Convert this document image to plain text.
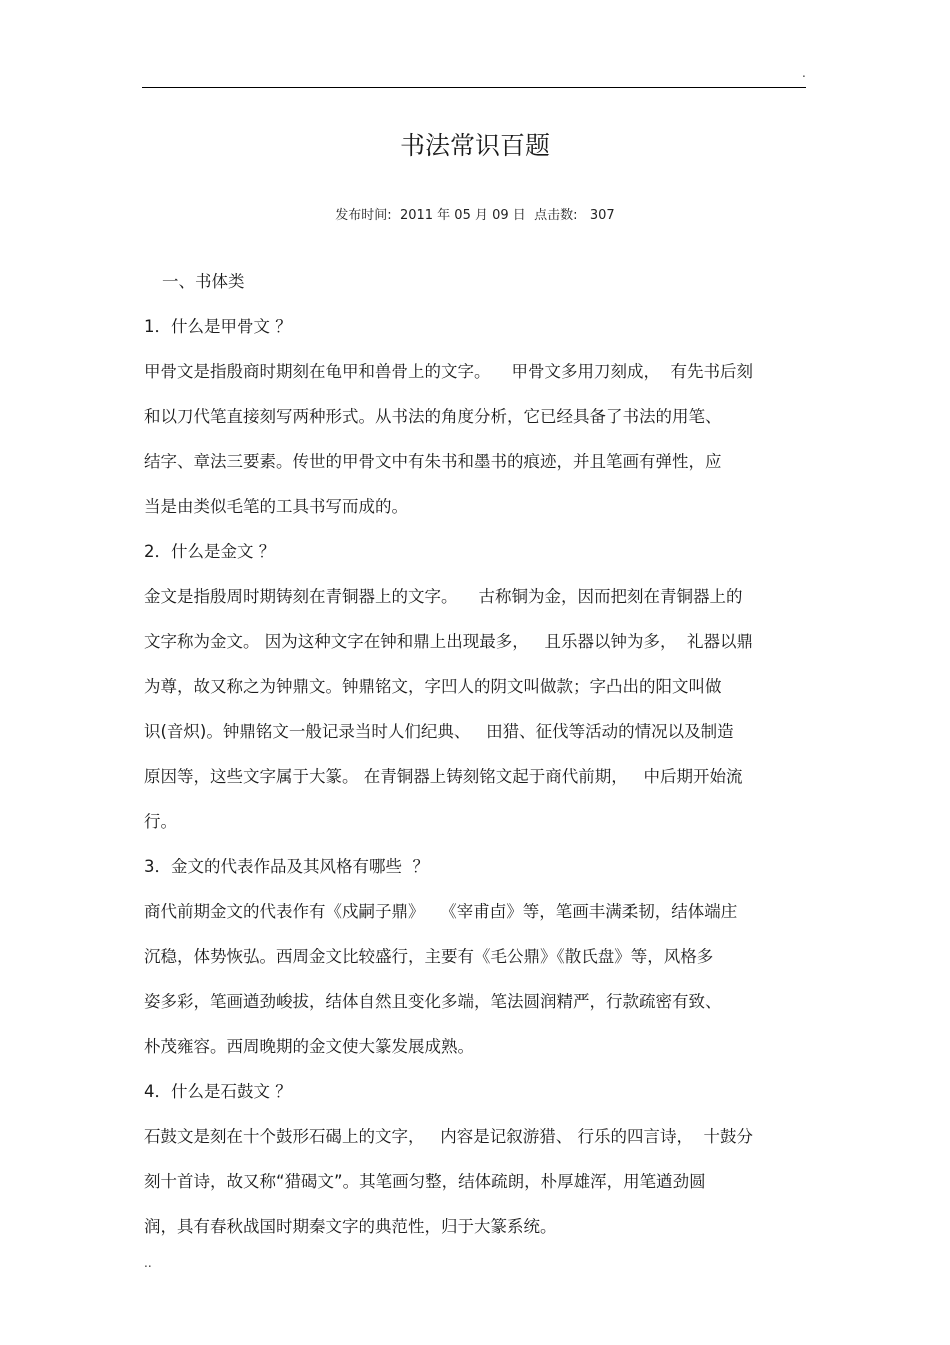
.
书法常识百题
发布时间: 2011 年 05 月 09 日 点击数: 307
一、书体类
1．什么是甲骨文 ？
甲骨文是指殷商时期刻在龟甲和兽骨上的文字。    甲骨文多用刀刻成，  有先书后刻
和以刀代笔直接刻写两种形式。从书法的角度分析，它已经具备了书法的用笔、
结字、章法三要素。传世的甲骨文中有朱书和墨书的痕迹，并且笔画有弹性，应
当是由类似毛笔的工具书写而成的。
2．什么是金文 ？
金文是指殷周时期铸刻在青铜器上的文字。    古称铜为金，因而把刻在青铜器上的
文字称为金文。 因为这种文字在钟和鼎上出现最多，   且乐器以钟为多，  礼器以鼎
为尊，故又称之为钟鼎文。钟鼎铭文，字凹人的阴文叫做款；字凸出的阳文叫做
识(音炽)。钟鼎铭文一般记录当时人们纪典、   田猎、征伐等活动的情况以及制造
原因等，这些文字属于大篆。 在青铜器上铸刻铭文起于商代前期，   中后期开始流
行。
3．金文的代表作品及其风格有哪些  ？
商代前期金文的代表作有《戍嗣子鼎》   《宰甫卣》等，笔画丰满柔韧，结体端庄
沉稳，体势恢弘。西周金文比较盛行，主要有《毛公鼎》《散氏盘》等，风格多
姿多彩，笔画遒劲峻拔，结体自然且变化多端，笔法圆润精严，行款疏密有致、
朴茂雍容。西周晚期的金文使大篆发展成熟。
4．什么是石鼓文 ？
石鼓文是刻在十个鼓形石碣上的文字，   内容是记叙游猎、 行乐的四言诗，  十鼓分
刻十首诗，故又称“猎碣文”。其笔画匀整，结体疏朗，朴厚雄浑，用笔遒劲圆
润，具有春秋战国时期秦文字的典范性，归于大篆系统。
..
